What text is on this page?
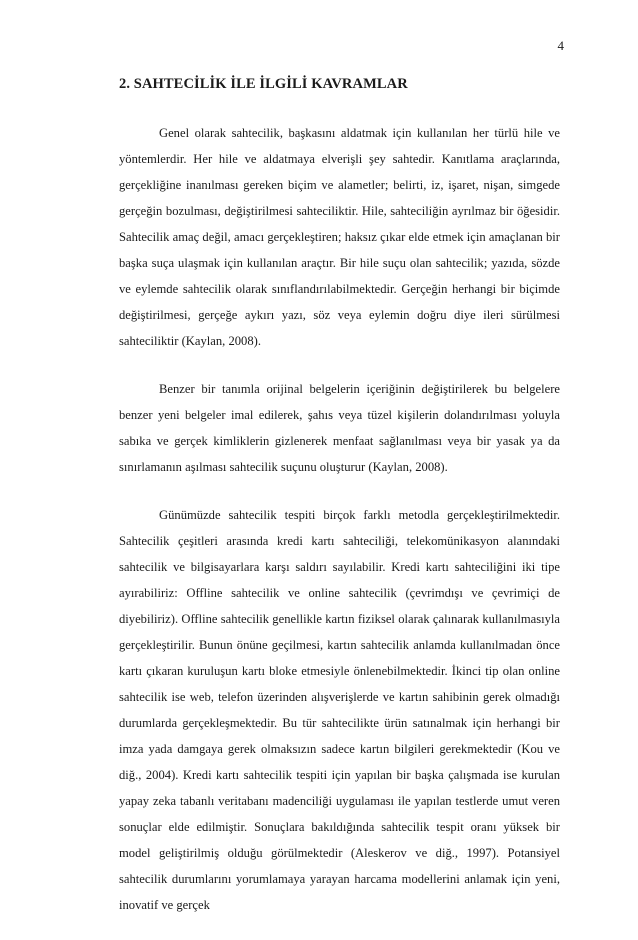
4
2. SAHTECİLİK İLE İLGİLİ KAVRAMLAR

Genel olarak sahtecilik, başkasını aldatmak için kullanılan her türlü hile ve yöntemlerdir. Her hile ve aldatmaya elverişli şey sahtedir. Kanıtlama araçlarında, gerçekliğine inanılması gereken biçim ve alametler; belirti, iz, işaret, nişan, simgede gerçeğin bozulması, değiştirilmesi sahteciliktir. Hile, sahteciliğin ayrılmaz bir öğesidir. Sahtecilik amaç değil, amacı gerçekleştiren; haksız çıkar elde etmek için amaçlanan bir başka suça ulaşmak için kullanılan araçtır. Bir hile suçu olan sahtecilik; yazıda, sözde ve eylemde sahtecilik olarak sınıflandırılabilmektedir. Gerçeğin herhangi bir biçimde değiştirilmesi, gerçeğe aykırı yazı, söz veya eylemin doğru diye ileri sürülmesi sahteciliktir (Kaylan, 2008).

Benzer bir tanımla orijinal belgelerin içeriğinin değiştirilerek bu belgelere benzer yeni belgeler imal edilerek, şahıs veya tüzel kişilerin dolandırılması yoluyla sabıka ve gerçek kimliklerin gizlenerek menfaat sağlanılması veya bir yasak ya da sınırlamanın aşılması sahtecilik suçunu oluşturur (Kaylan, 2008).

Günümüzde sahtecilik tespiti birçok farklı metodla gerçekleştirilmektedir. Sahtecilik çeşitleri arasında kredi kartı sahteciliği, telekomünikasyon alanındaki sahtecilik ve bilgisayarlara karşı saldırı sayılabilir. Kredi kartı sahteciliğini iki tipe ayırabiliriz: Offline sahtecilik ve online sahtecilik (çevrimdışı ve çevrimiçi de diyebiliriz). Offline sahtecilik genellikle kartın fiziksel olarak çalınarak kullanılmasıyla gerçekleştirilir. Bunun önüne geçilmesi, kartın sahtecilik anlamda kullanılmadan önce kartı çıkaran kuruluşun kartı bloke etmesiyle önlenebilmektedir. İkinci tip olan online sahtecilik ise web, telefon üzerinden alışverişlerde ve kartın sahibinin gerek olmadığı durumlarda gerçekleşmektedir. Bu tür sahtecilikte ürün satınalmak için herhangi bir imza yada damgaya gerek olmaksızın sadece kartın bilgileri gerekmektedir (Kou ve diğ., 2004). Kredi kartı sahtecilik tespiti için yapılan bir başka çalışmada ise kurulan yapay zeka tabanlı veritabanı madenciliği uygulaması ile yapılan testlerde umut veren sonuçlar elde edilmiştir. Sonuçlara bakıldığında sahtecilik tespit oranı yüksek bir model geliştirilmiş olduğu görülmektedir (Aleskerov ve diğ., 1997). Potansiyel sahtecilik durumlarını yorumlamaya yarayan harcama modellerini anlamak için yeni, inovatif ve gerçek
